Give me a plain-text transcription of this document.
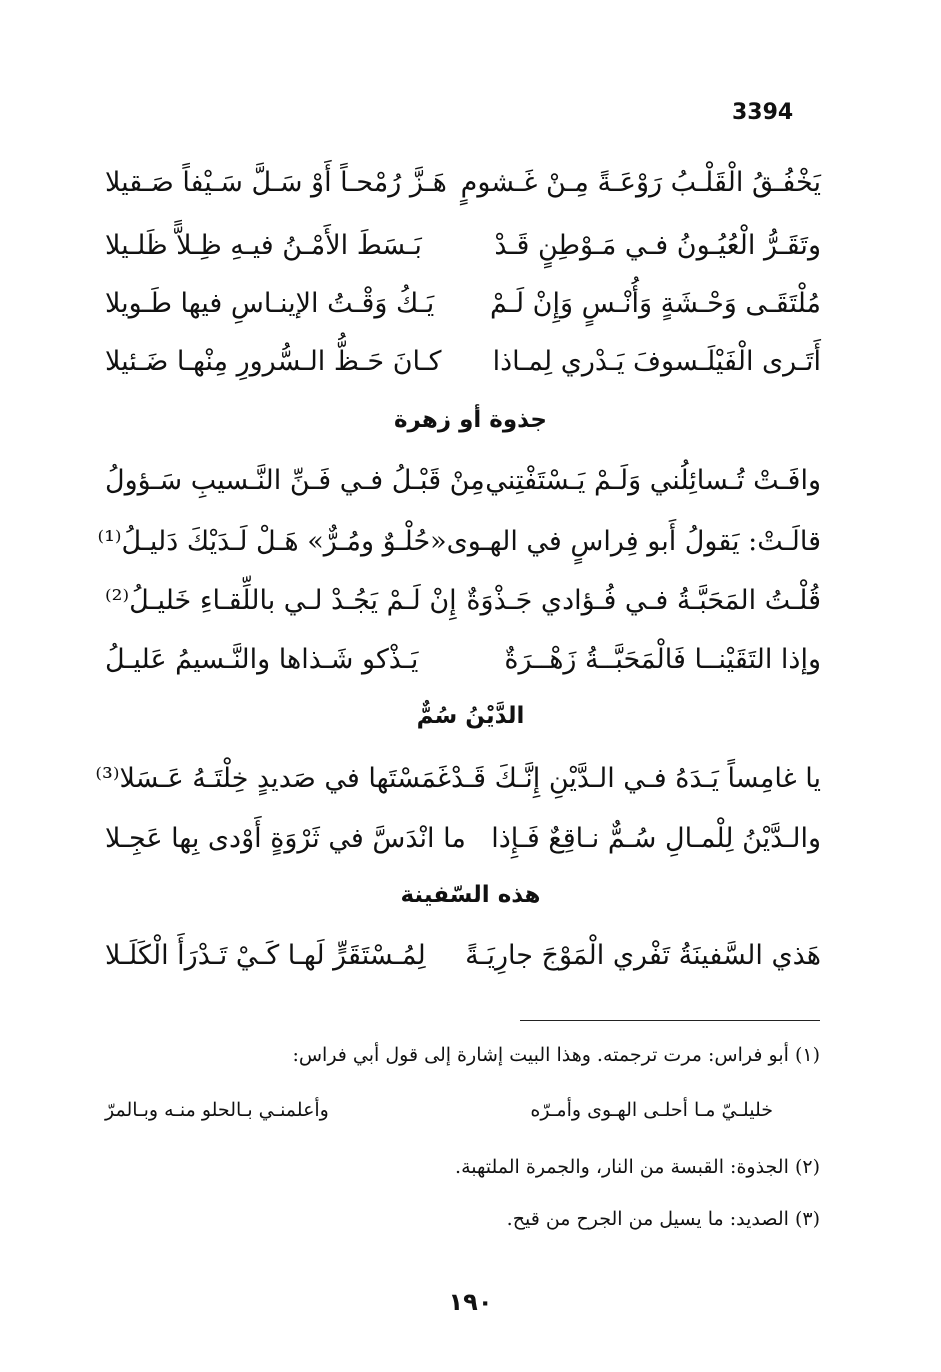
3394
يَخْفُـقُ الْقَلْـبُ رَوْعَـةً مِـنْ غَـشومٍ
هَـزَّ رُمْحـاً أَوْ سَـلَّ سَـيْفاً صَـقيلا
وتَقَـرُّ الْعُيُـونُ فـي مَـوْطِنٍ قَـدْ
بَـسَطَ الأَمْـنُ فيـهِ ظِـلاًّ ظَلـيلا
مُلْتَقَـى وَحْـشَةٍ وَأُنْـسٍ وَإِنْ لَـمْ
يَـكُ وَقْـتُ الإينـاسِ فيها طَـويلا
أَتَـرى الْفَيْلَـسوفَ يَـدْري لِمـاذا
كـانَ حَـظُّ الـسُّرورِ مِنْهـا ضَـئيلا
جذوة أو زهرة
وافَـتْ تُـسائِلُني وَلَـمْ يَـسْتَفْتِني
مِنْ قَبْـلُ فـي فَـنِّ النَّـسيبِ سَـؤولُ
قالَـتْ: يَقولُ أَبو فِراسٍ في الهـوى
«حُلْـوٌ ومُـرٌّ» هَـلْ لَـدَيْكَ دَليـلُ⁽¹⁾
قُلْـتُ المَحَبَّـةُ فـي فُـؤادي جَـذْوَةٌ
إِنْ لَـمْ يَجُـدْ لـي باللِّقـاءِ خَليـلُ⁽²⁾
وإذا التَقَيْنــا فَالْمَحَبَّــةُ زَهْــرَةٌ
يَـذْكو شَـذاها والنَّـسيمُ عَليـلُ
الدَّيْنُ سُمٌّ
يا غامِساً يَـدَهُ فـي الـدَّيْنِ إِنَّـكَ قَـدْ
غَمَسْتَها في صَديدٍ خِلْتَـهُ عَـسَلا⁽³⁾
والـدَّيْنُ لِلْمـالِ سُـمٌّ نـاقِعٌ فَـإِذا
ما انْدَسَّ في ثَرْوَةٍ أَوْدى بِها عَجِـلا
هذه السّفينة
هَذي السَّفينَةُ تَفْري الْمَوْجَ جارِيَـةً
لِمُـسْتَقَرٍّ لَهـا كَـيْ تَـدْرَأَ الْكَلَـلا
(١) أبو فراس: مرت ترجمته. وهذا البيت إشارة إلى قول أبي فراس:
خليلـيّ مـا أحلـى الهـوى وأمـرّه
وأعلمنـي بـالحلو منـه وبـالمرّ
(٢) الجذوة: القبسة من النار، والجمرة الملتهبة.
(٣) الصديد: ما يسيل من الجرح من قيح.
١٩٠
